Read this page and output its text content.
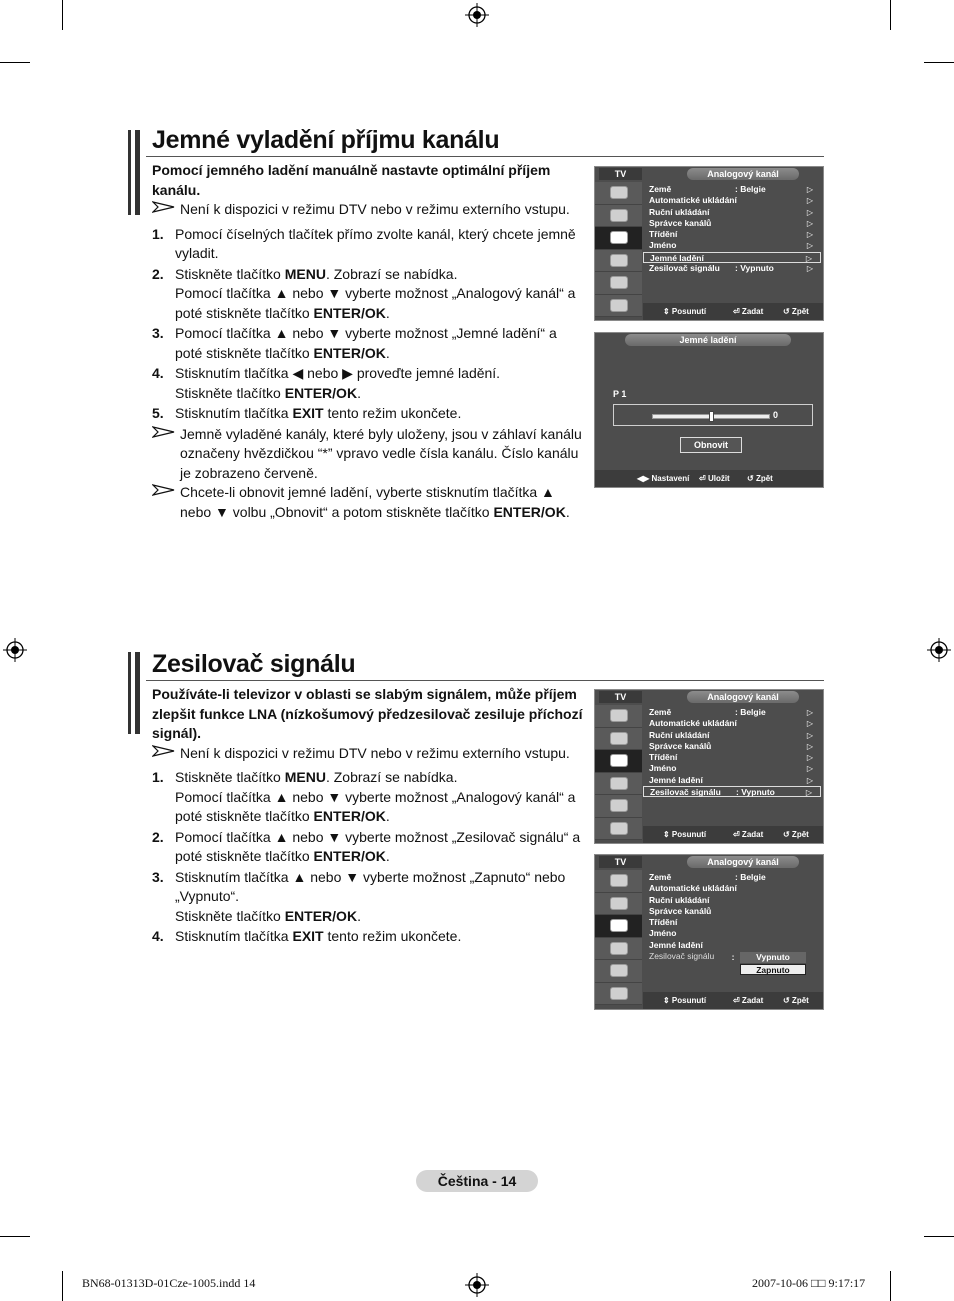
Jemné vyladění příjmu kanálu

Pomocí jemného ladění manuálně nastavte optimální příjem kanálu.

Není k dispozici v režimu DTV nebo v režimu externího vstupu.
1. Pomocí číselných tlačítek přímo zvolte kanál, který chcete jemně vyladit.

2. Stiskněte tlačítko MENU. Zobrazí se nabídka.

Pomocí tlačítka ▲ nebo ▼ vyberte možnost „Analogový kanál“ a poté stiskněte tlačítko ENTER/OK.

3. Pomocí tlačítka ▲ nebo ▼ vyberte možnost „Jemné ladění“ a poté stiskněte tlačítko ENTER/OK.

4. Stisknutím tlačítka ◀ nebo ▶ proveďte jemné ladění.

Stiskněte tlačítko ENTER/OK.

5. Stisknutím tlačítka EXIT tento režim ukončete.

Jemně vyladěné kanály, které byly uloženy, jsou v záhlaví kanálu označeny hvězdičkou “*” vpravo vedle čísla kanálu. Číslo kanálu je zobrazeno červeně.
Chcete-li obnovit jemné ladění, vyberte stisknutím tlačítka ▲ nebo ▼ volbu „Obnovit“ a potom stiskněte tlačítko ENTER/OK.
TV	Analogový kanál
Země	: Belgie	▷
Automatické ukládání	▷
Ruční ukládání	▷
Správce kanálů	▷
Třídění	▷
Jméno	▷
Jemné ladění	▷
Zesilovač signálu : Vypnuto	▷
⇕ Posunutí	⏎ Zadat ↺ Zpět
Jemné ladění
P 1
0
Obnovit
◀▶ Nastavení ⏎ Uložit ↺ Zpět
Zesilovač signálu

Používáte-li televizor v oblasti se slabým signálem, může příjem zlepšit funkce LNA (nízkošumový předzesilovač zesiluje příchozí signál).

Není k dispozici v režimu DTV nebo v režimu externího vstupu.
1. Stiskněte tlačítko MENU. Zobrazí se nabídka.

Pomocí tlačítka ▲ nebo ▼ vyberte možnost „Analogový kanál“ a poté stiskněte tlačítko ENTER/OK.

2. Pomocí tlačítka ▲ nebo ▼ vyberte možnost „Zesilovač signálu“ a poté stiskněte tlačítko ENTER/OK.

3. Stisknutím tlačítka ▲ nebo ▼ vyberte možnost „Zapnuto“ nebo „Vypnuto“.

Stiskněte tlačítko ENTER/OK.

4. Stisknutím tlačítka EXIT tento režim ukončete.

TV	Analogový kanál
Země	: Belgie	▷
Automatické ukládání	▷
Ruční ukládání	▷
Správce kanálů	▷
Třídění	▷
Jméno	▷
Jemné ladění	▷
Zesilovač signálu : Vypnuto	▷
⇕ Posunutí	⏎ Zadat ↺ Zpět
TV	Analogový kanál
Země	: Belgie
Automatické ukládání
Ruční ukládání
Správce kanálů
Třídění
Jméno
Jemné ladění
Zesilovač signálu	:	Vypnuto
Zapnuto
⇕ Posunutí	⏎ Zadat ↺ Zpět
Čeština - 14
BN68-01313D-01Cze-1005.indd 14	2007-10-06 □□ 9:17:17
